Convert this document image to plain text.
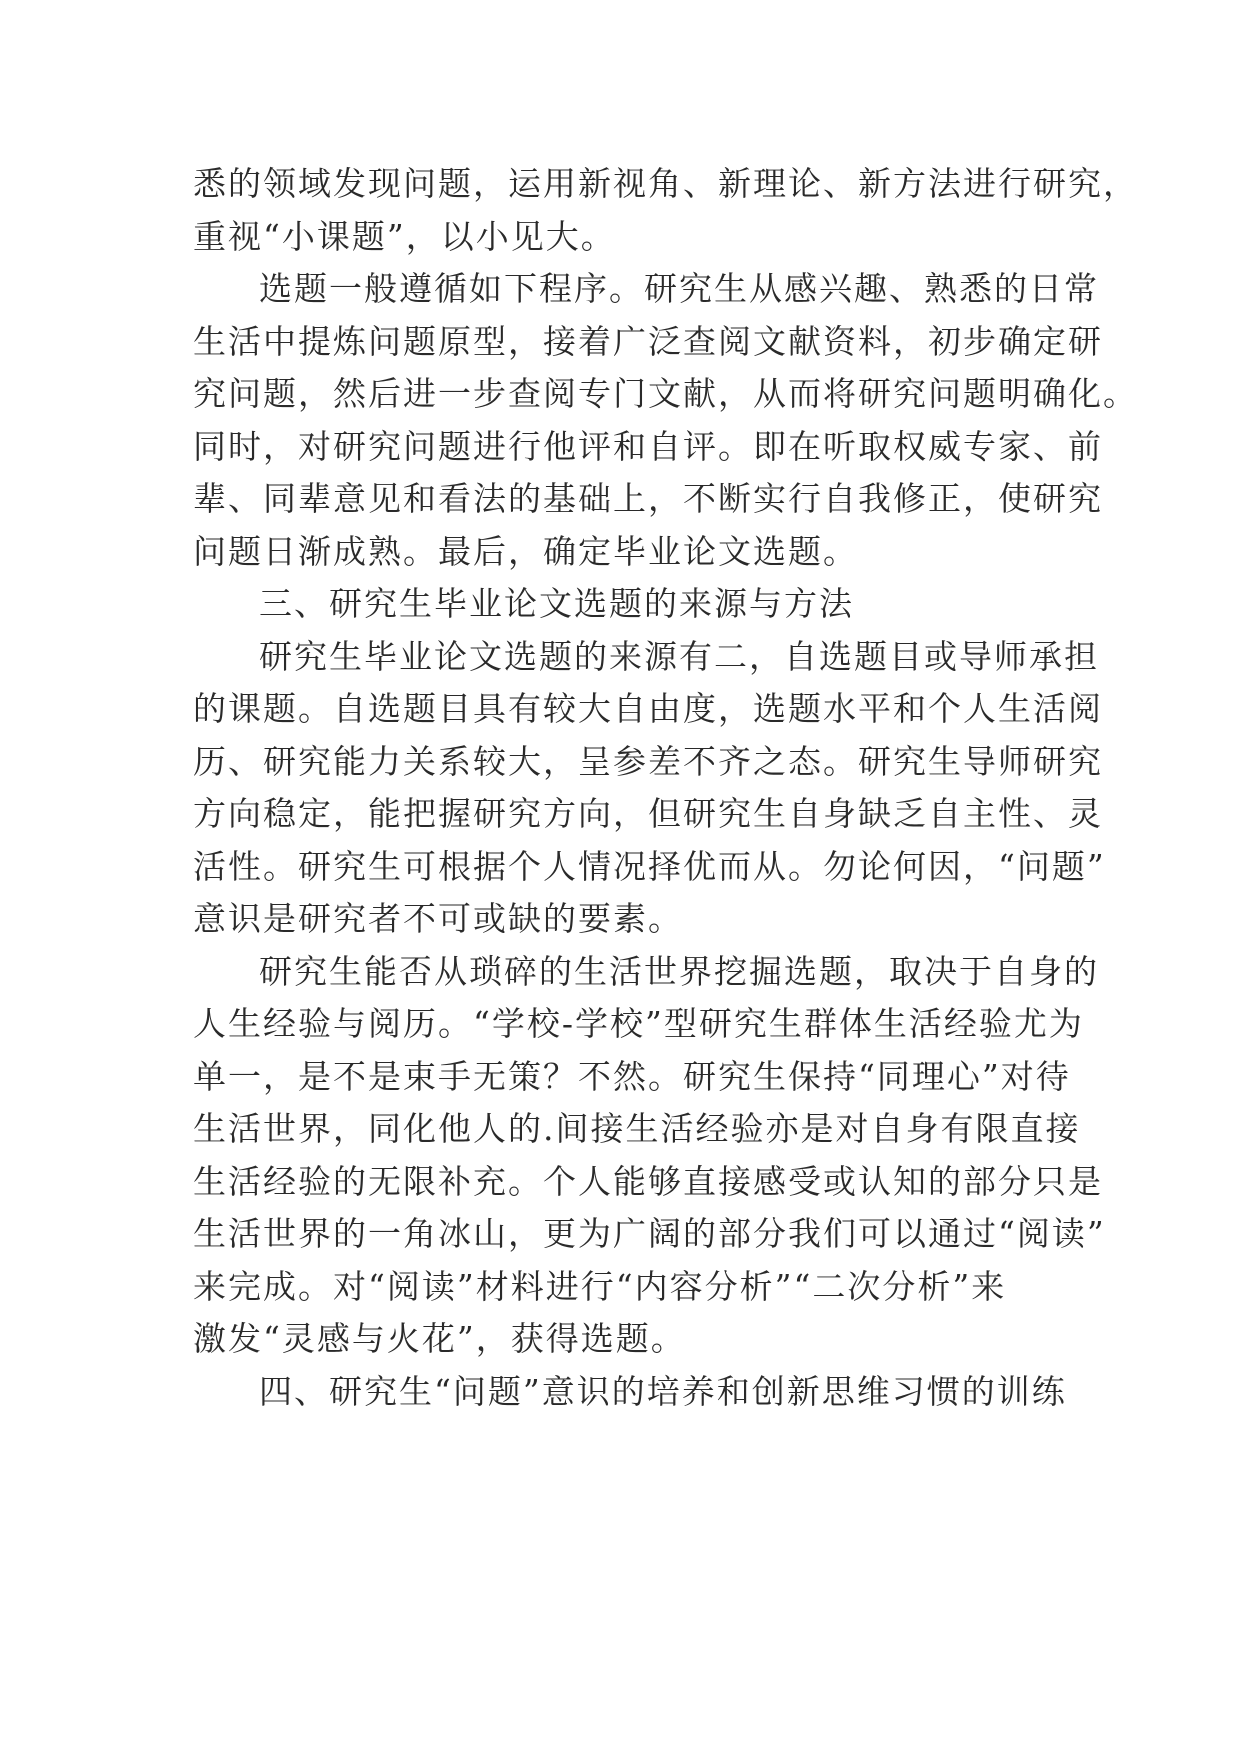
悉的领域发现问题，运用新视角、新理论、新方法进行研究，
重视“小课题”，以小见大。
选题一般遵循如下程序。研究生从感兴趣、熟悉的日常
生活中提炼问题原型，接着广泛查阅文献资料，初步确定研
究问题，然后进一步查阅专门文献，从而将研究问题明确化。
同时，对研究问题进行他评和自评。即在听取权威专家、前
辈、同辈意见和看法的基础上，不断实行自我修正，使研究
问题日渐成熟。最后，确定毕业论文选题。
三、研究生毕业论文选题的来源与方法
研究生毕业论文选题的来源有二，自选题目或导师承担
的课题。自选题目具有较大自由度，选题水平和个人生活阅
历、研究能力关系较大，呈参差不齐之态。研究生导师研究
方向稳定，能把握研究方向，但研究生自身缺乏自主性、灵
活性。研究生可根据个人情况择优而从。勿论何因，“问题”
意识是研究者不可或缺的要素。
研究生能否从琐碎的生活世界挖掘选题，取决于自身的
人生经验与阅历。“学校-学校”型研究生群体生活经验尤为
单一，是不是束手无策？不然。研究生保持“同理心”对待
生活世界，同化他人的.间接生活经验亦是对自身有限直接
生活经验的无限补充。个人能够直接感受或认知的部分只是
生活世界的一角冰山，更为广阔的部分我们可以通过“阅读”
来完成。对“阅读”材料进行“内容分析”“二次分析”来
激发“灵感与火花”，获得选题。
四、研究生“问题”意识的培养和创新思维习惯的训练
